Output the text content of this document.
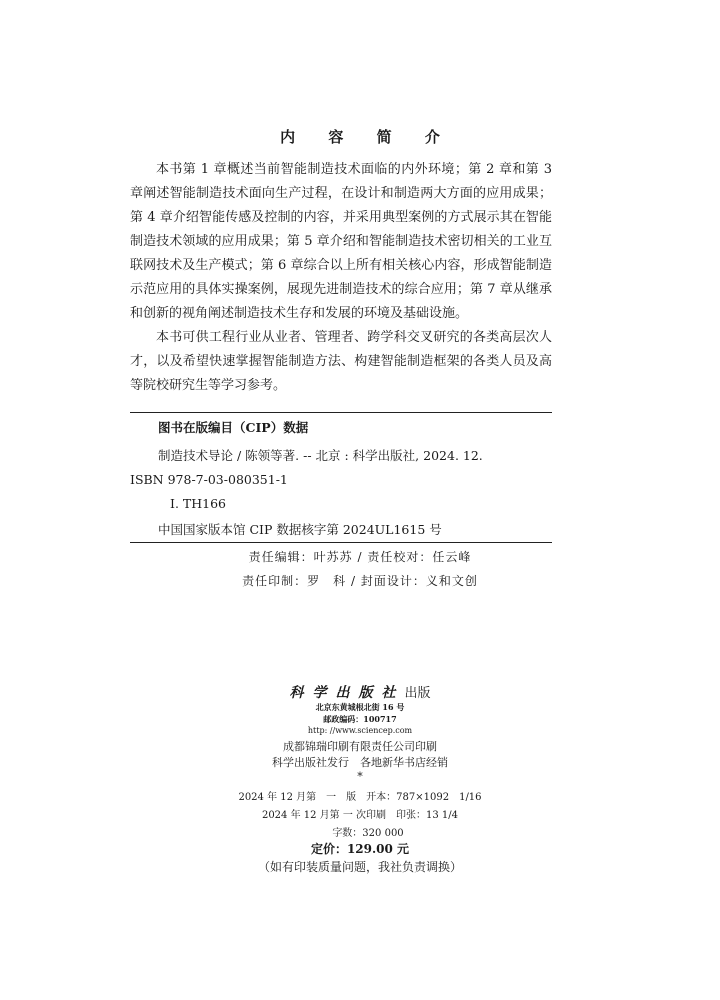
内 容 简 介

本书第 1 章概述当前智能制造技术面临的内外环境；第 2 章和第 3 章阐述智能制造技术面向生产过程，在设计和制造两大方面的应用成果；第 4 章介绍智能传感及控制的内容，并采用典型案例的方式展示其在智能制造技术领域的应用成果；第 5 章介绍和智能制造技术密切相关的工业互联网技术及生产模式；第 6 章综合以上所有相关核心内容，形成智能制造示范应用的具体实操案例，展现先进制造技术的综合应用；第 7 章从继承和创新的视角阐述制造技术生存和发展的环境及基础设施。

本书可供工程行业从业者、管理者、跨学科交叉研究的各类高层次人才，以及希望快速掌握智能制造方法、构建智能制造框架的各类人员及高等院校研究生等学习参考。

图书在版编目（CIP）数据
制造技术导论 / 陈领等著. -- 北京 : 科学出版社, 2024. 12.
ISBN 978-7-03-080351-1
Ⅰ. TH166
中国国家版本馆 CIP 数据核字第 2024UL1615 号
责任编辑：叶苏苏 / 责任校对：任云峰
责任印制：罗　科 / 封面设计：义和文创
科学出版社出版
北京东黄城根北街 16 号
邮政编码：100717
http: //www.sciencep.com
成都锦瑞印刷有限责任公司印刷
科学出版社发行　各地新华书店经销
*
2024 年 12 月第　一　版　开本：787×1092　1/16
2024 年 12 月第 一 次印刷　印张：13 1/4
字数：320 000
定价：129.00 元
（如有印装质量问题，我社负责调换）
